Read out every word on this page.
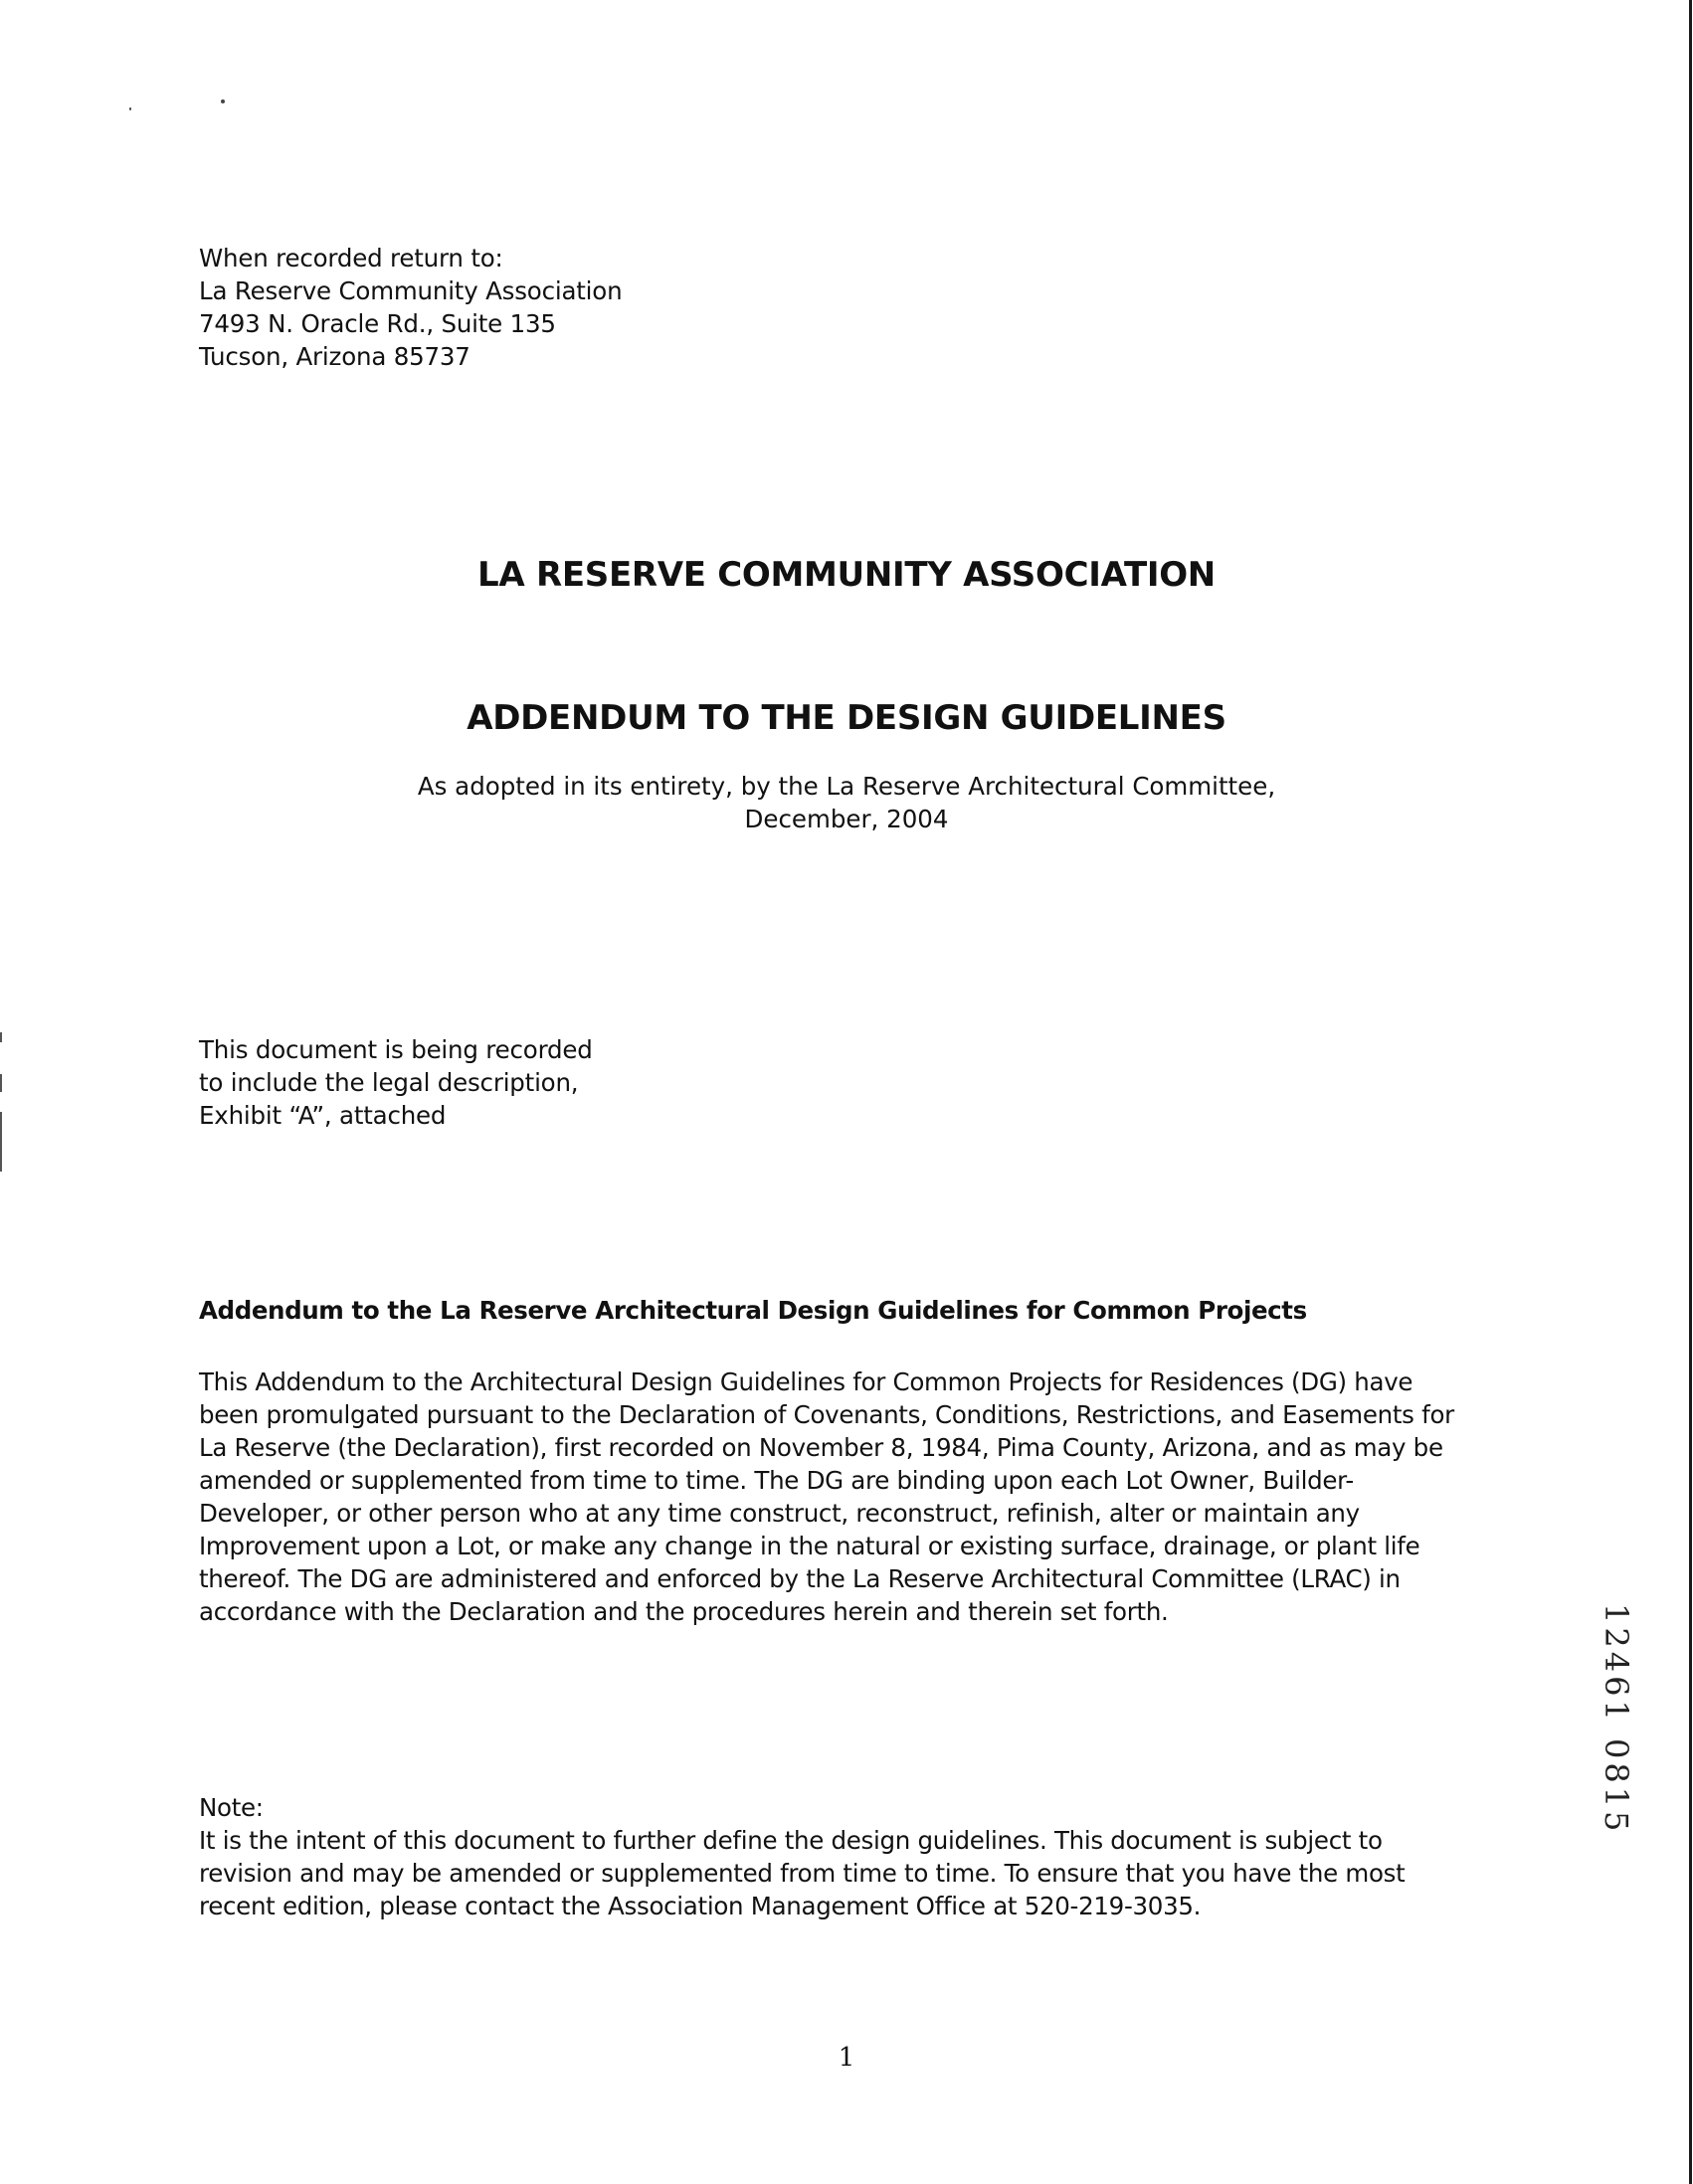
When recorded return to:
La Reserve Community Association
7493 N. Oracle Rd., Suite 135
Tucson, Arizona 85737
LA RESERVE COMMUNITY ASSOCIATION
ADDENDUM TO THE DESIGN GUIDELINES
As adopted in its entirety, by the La Reserve Architectural Committee,
December, 2004
This document is being recorded
to include the legal description,
Exhibit “A”, attached
Addendum to the La Reserve Architectural Design Guidelines for Common Projects
This Addendum to the Architectural Design Guidelines for Common Projects for Residences (DG) have
been promulgated pursuant to the Declaration of Covenants, Conditions, Restrictions, and Easements for
La Reserve (the Declaration), first recorded on November 8, 1984, Pima County, Arizona, and as may be
amended or supplemented from time to time. The DG are binding upon each Lot Owner, Builder-
Developer, or other person who at any time construct, reconstruct, refinish, alter or maintain any
Improvement upon a Lot, or make any change in the natural or existing surface, drainage, or plant life
thereof. The DG are administered and enforced by the La Reserve Architectural Committee (LRAC) in
accordance with the Declaration and the procedures herein and therein set forth.
Note:
It is the intent of this document to further define the design guidelines. This document is subject to
revision and may be amended or supplemented from time to time. To ensure that you have the most
recent edition, please contact the Association Management Office at 520-219-3035.
1
12461 0815
